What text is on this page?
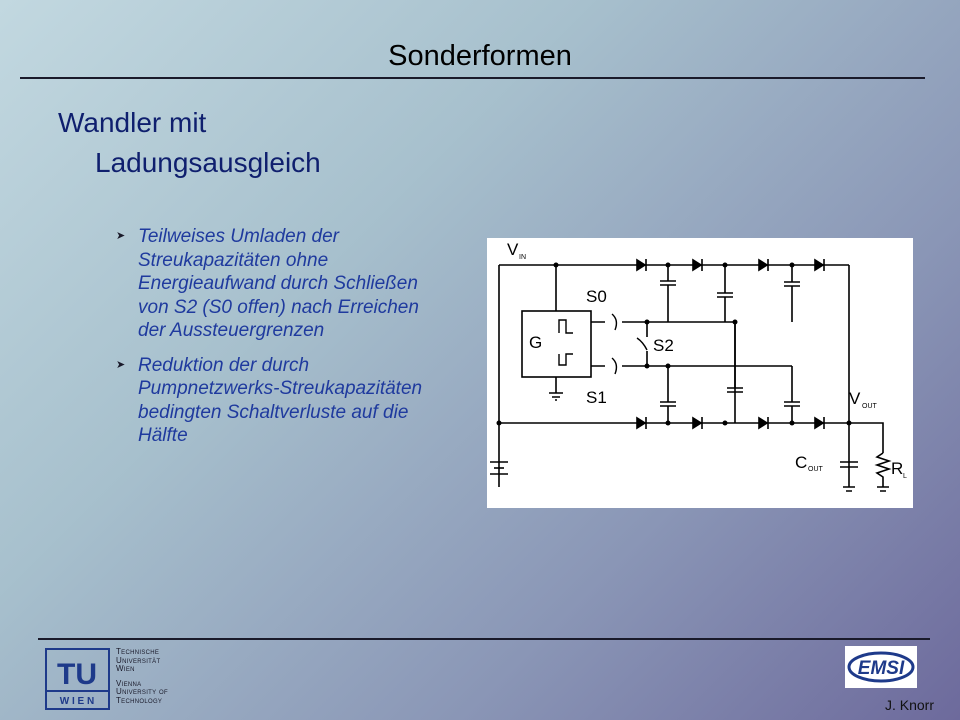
Sonderformen
Wandler mit
Ladungsausgleich
➤ Teilweises Umladen der Streukapazitäten ohne Energieaufwand durch Schließen von S2 (S0 offen) nach Erreichen der Aussteuergrenzen
➤ Reduktion der durch Pumpnetzwerks-Streukapazitäten bedingten Schaltverluste auf die Hälfte
V IN
G
S0
S1
S2
V OUT
C OUT	R L
TU
W I E N
Technische
Universität
Wien
Vienna
University of
Technology
EMSI
J. Knorr
